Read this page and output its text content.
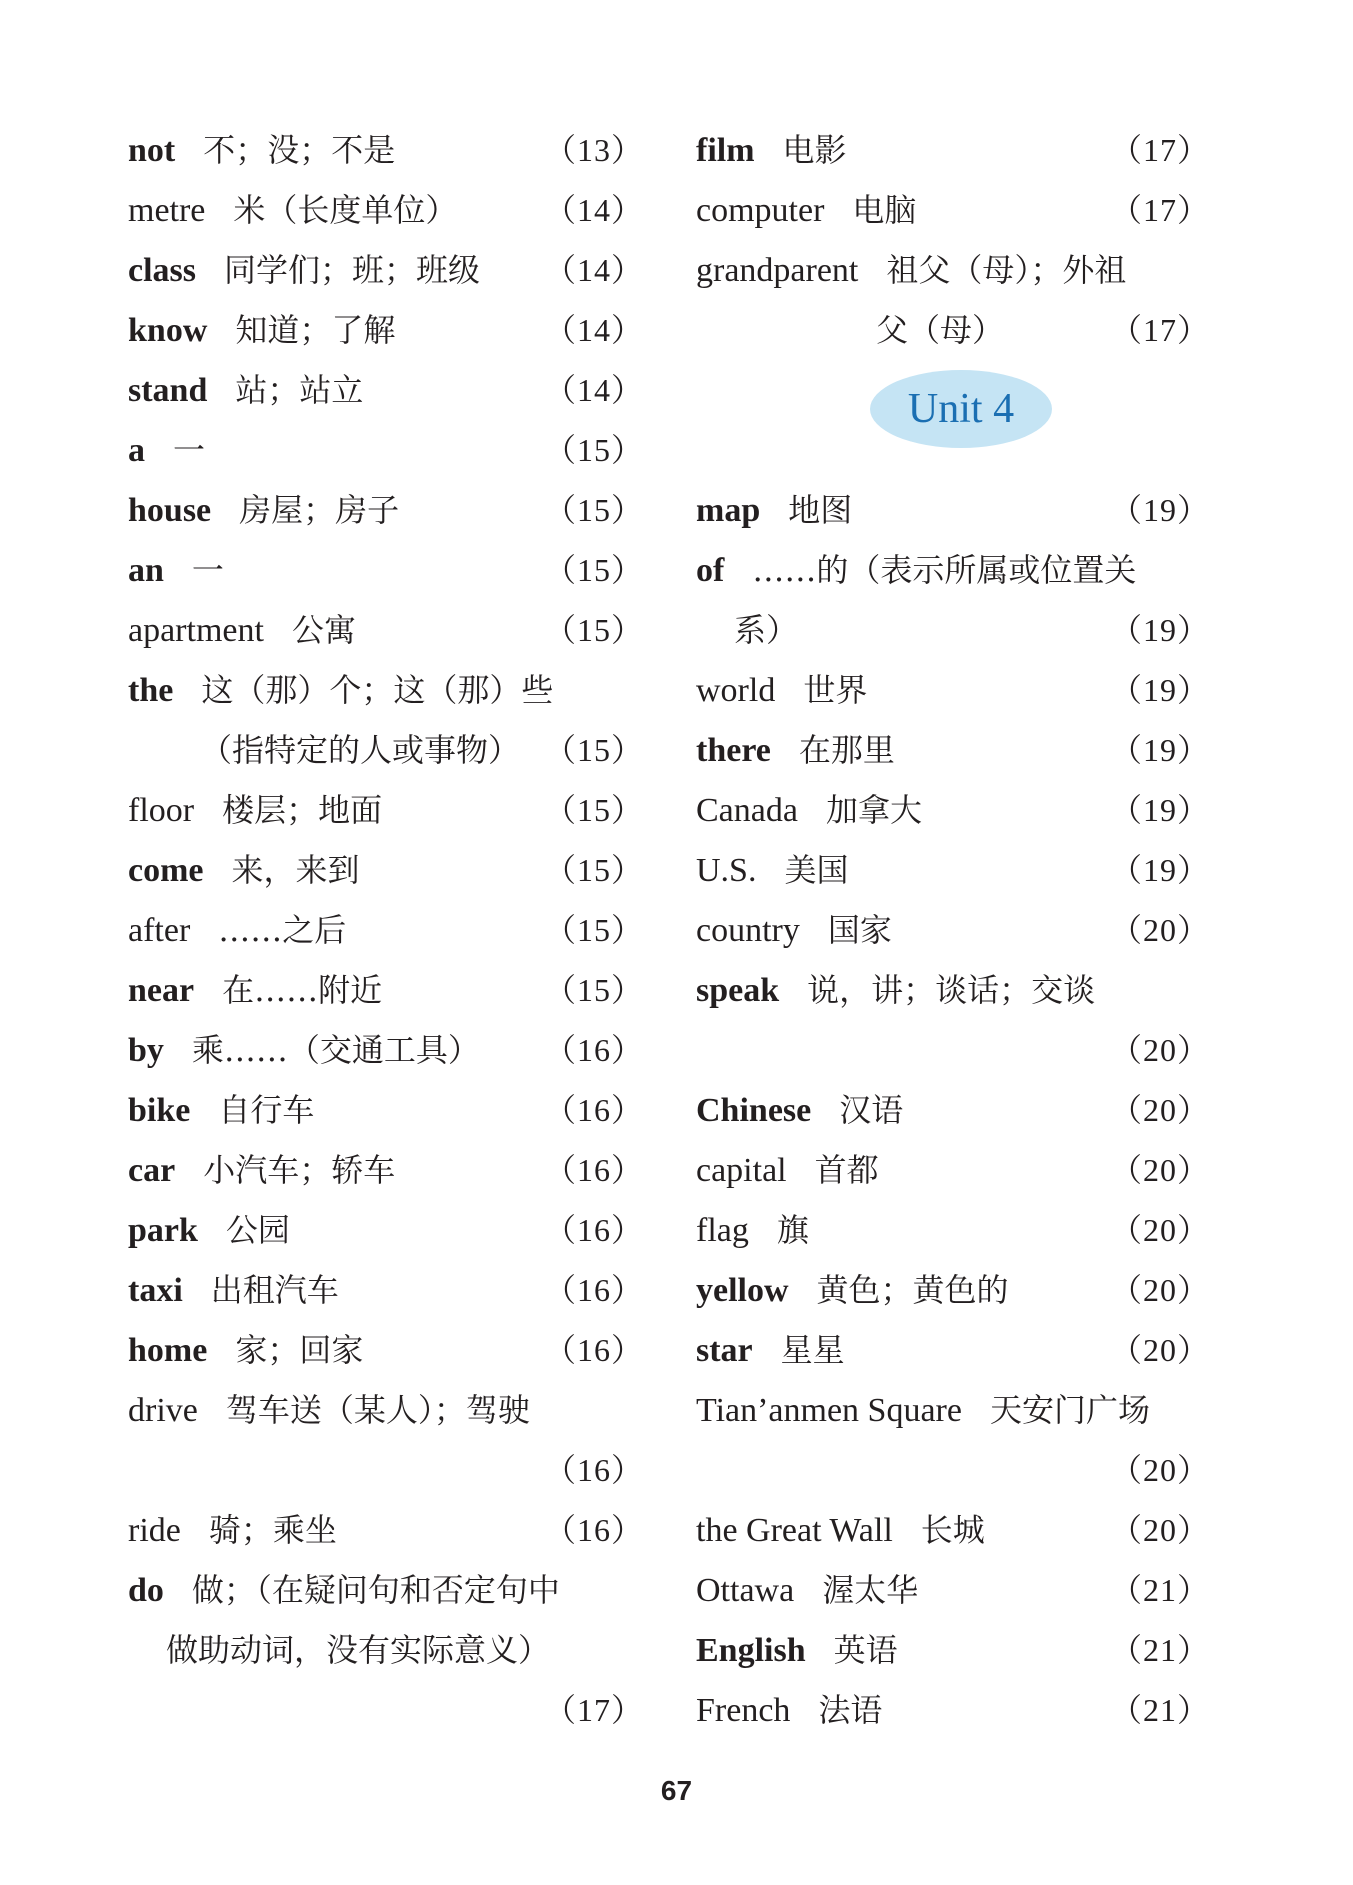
not 不；没；不是	（13）
metre 米（长度单位）	（14）
class 同学们；班；班级 （14）
know 知道；了解	（14）
stand 站；站立	（14）
a 一	（15）
house 房屋；房子	（15）
an 一	（15）
apartment 公寓	（15）
the 这（那）个；这（那）些
（指特定的人或事物） （15）
floor 楼层；地面	（15）
come 来，来到	（15）
after ……之后	（15）
near 在……附近	（15）
by 乘……（交通工具） （16）
bike 自行车	（16）
car 小汽车；轿车	（16）
park 公园	（16）
taxi 出租汽车	（16）
home 家；回家	（16）
drive 驾车送（某人）；驾驶
（16）
ride 骑；乘坐	（16）
do 做；（在疑问句和否定句中
做助动词，没有实际意义）
（17）
film 电影	（17）
computer 电脑	（17）
grandparent 祖父（母）；外祖
父（母）	（17）
Unit 4
map 地图	（19）
of ……的（表示所属或位置关
系）	（19）
world 世界	（19）
there 在那里	（19）
Canada 加拿大	（19）
U.S. 美国	（19）
country 国家	（20）
speak 说，讲；谈话；交谈
（20）
Chinese 汉语	（20）
capital 首都	（20）
flag 旗	（20）
yellow 黄色；黄色的	（20）
star 星星	（20）
Tian’anmen Square 天安门广场
（20）
the Great Wall 长城	（20）
Ottawa 渥太华	（21）
English 英语	（21）
French 法语	（21）
67
